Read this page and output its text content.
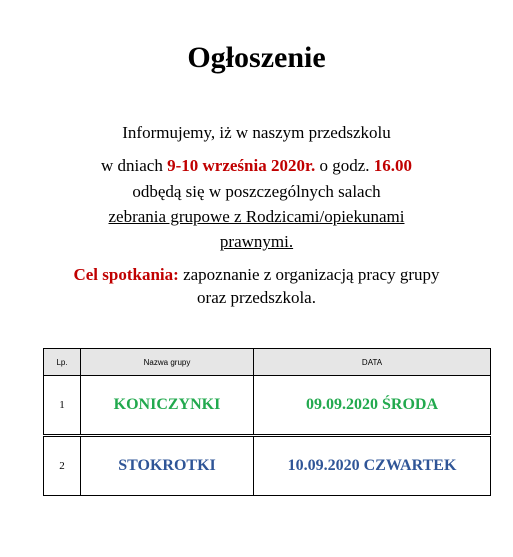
Ogłoszenie
Informujemy, iż w naszym przedszkolu
w dniach 9-10 września 2020r. o godz. 16.00
odbędą się w poszczególnych salach
zebrania grupowe z Rodzicami/opiekunami
prawnymi.
Cel spotkania: zapoznanie z organizacją pracy grupy
oraz przedszkola.
Lp.	Nazwa grupy	DATA
1	KONICZYNKI	09.09.2020 ŚRODA
2	STOKROTKI	10.09.2020 CZWARTEK
